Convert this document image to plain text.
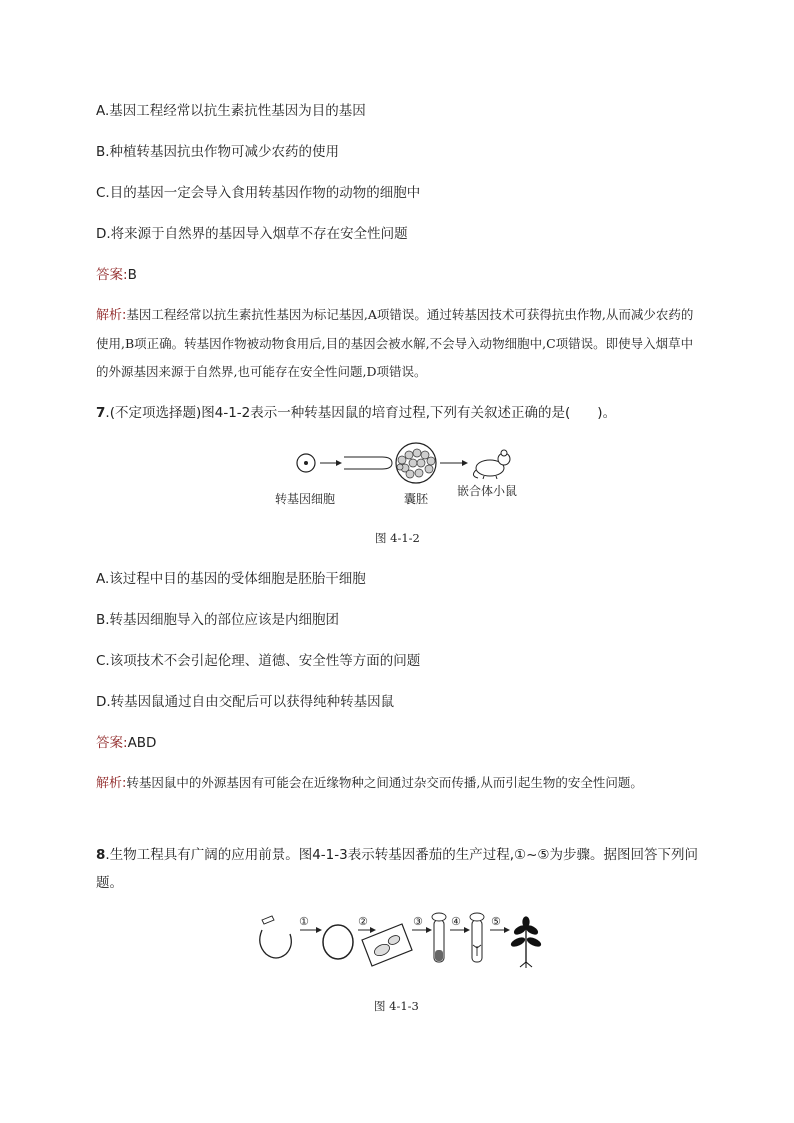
A.基因工程经常以抗生素抗性基因为目的基因
B.种植转基因抗虫作物可减少农药的使用
C.目的基因一定会导入食用转基因作物的动物的细胞中
D.将来源于自然界的基因导入烟草不存在安全性问题
答案:B
解析:基因工程经常以抗生素抗性基因为标记基因,A项错误。通过转基因技术可获得抗虫作物,从而减少农药的使用,B项正确。转基因作物被动物食用后,目的基因会被水解,不会导入动物细胞中,C项错误。即使导入烟草中的外源基因来源于自然界,也可能存在安全性问题,D项错误。
7.(不定项选择题)图4-1-2表示一种转基因鼠的培育过程,下列有关叙述正确的是(　　)。
转基因细胞	囊胚
嵌合体小鼠
图 4-1-2
A.该过程中目的基因的受体细胞是胚胎干细胞
B.转基因细胞导入的部位应该是内细胞团
C.该项技术不会引起伦理、道德、安全性等方面的问题
D.转基因鼠通过自由交配后可以获得纯种转基因鼠
答案:ABD
解析:转基因鼠中的外源基因有可能会在近缘物种之间通过杂交而传播,从而引起生物的安全性问题。
8.生物工程具有广阔的应用前景。图4-1-3表示转基因番茄的生产过程,①~⑤为步骤。据图回答下列问题。
①	②	③	④	⑤
图 4-1-3
